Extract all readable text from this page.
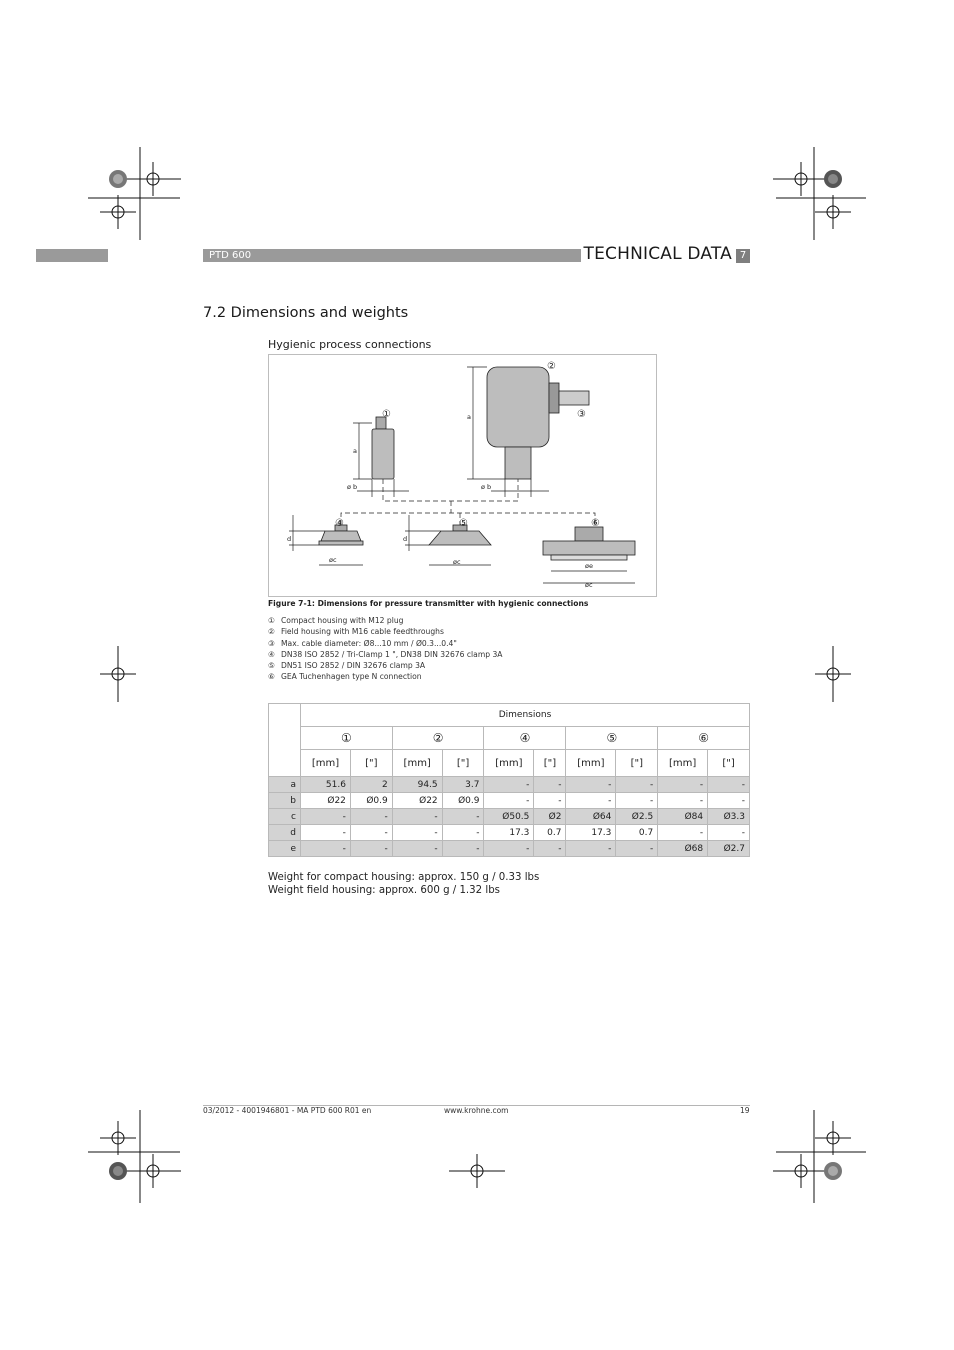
PTD 600	TECHNICAL DATA 7
7.2 Dimensions and weights
Hygienic process connections
a
a
ø b	ø b
d	d
øc	øc	øe
øc
①
②
③
④	⑤	⑥
Figure 7-1: Dimensions for pressure transmitter with hygienic connections
① Compact housing with M12 plug
② Field housing with M16 cable feedthroughs
③ Max. cable diameter: Ø8...10 mm / Ø0.3...0.4"
④ DN38 ISO 2852 / Tri-Clamp 1 ", DN38 DIN 32676 clamp 3A
⑤ DN51 ISO 2852 / DIN 32676 clamp 3A
⑥ GEA Tuchenhagen type N connection
	Dimensions									
	①		②		④		⑤		⑥	
	[mm]	["]	[mm]	["]	[mm]	["]	[mm]	["]	[mm]	["]
a	51.6	2	94.5	3.7	-	-	-	-	-	-
b	Ø22	Ø0.9	Ø22	Ø0.9	-	-	-	-	-	-
c	-	-	-	-	Ø50.5	Ø2	Ø64	Ø2.5	Ø84	Ø3.3
d	-	-	-	-	17.3	0.7	17.3	0.7	-	-
e	-	-	-	-	-	-	-	-	Ø68	Ø2.7
Weight for compact housing: approx. 150 g / 0.33 lbs
Weight field housing: approx. 600 g / 1.32 lbs
03/2012 - 4001946801 - MA PTD 600 R01 en	www.krohne.com	19
